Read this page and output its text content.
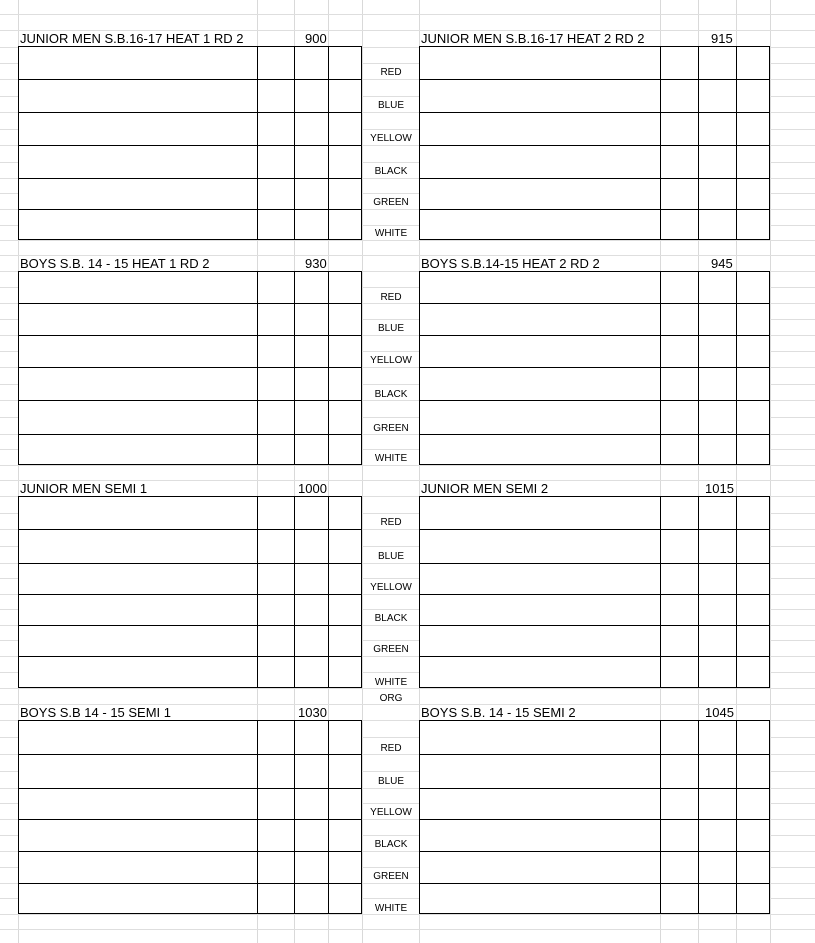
JUNIOR MEN S.B.16-17 HEAT 1 RD 2	900	JUNIOR MEN S.B.16-17 HEAT 2 RD 2	915
RED
BLUE
YELLOW
BLACK
GREEN
WHITE
BOYS S.B. 14 - 15 HEAT 1 RD 2	930	BOYS S.B.14-15 HEAT 2 RD 2	945
RED
BLUE
YELLOW
BLACK
GREEN
WHITE
JUNIOR MEN SEMI 1	1000	JUNIOR MEN SEMI 2	1015
RED
BLUE
YELLOW
BLACK
GREEN
WHITE
ORG
BOYS S.B 14 - 15 SEMI 1	1030	BOYS S.B. 14 - 15 SEMI 2	1045
RED
BLUE
YELLOW
BLACK
GREEN
WHITE
